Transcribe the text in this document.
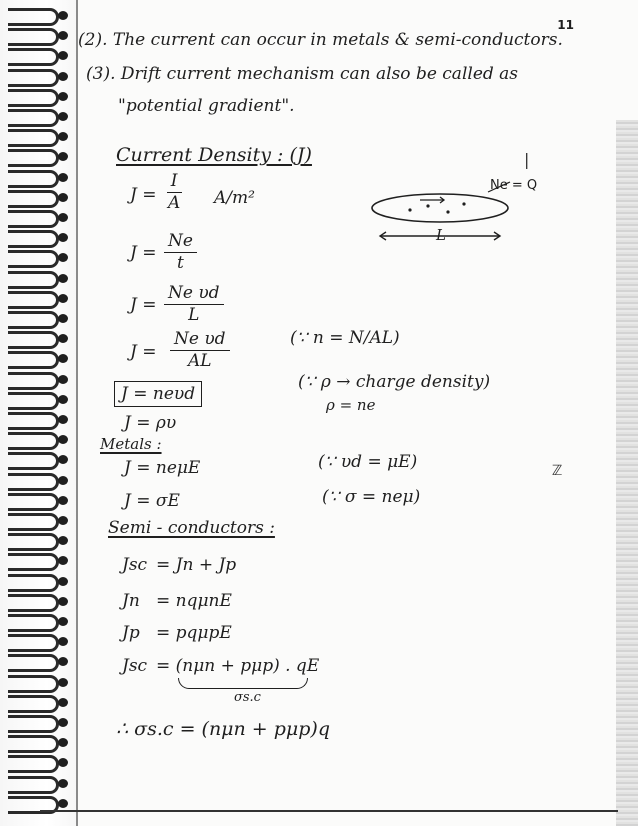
11
(2). The current can occur in metals & semi-conductors.
(3). Drift current mechanism can also be called as
"potential gradient".
Current Density : (J)
$J = \frac{I}{A} A/m^2$
Ne = Q
L
$J = \frac{Ne}{t}$
$J = \frac{\text{Ne υd}}{L}$
$J = \frac{\text{Ne υd}}{AL}$	(∵ n = N/AL)
J = neυd
(∵ ρ → charge density)
ρ = ne
J = ρυ
Metals :
J = neμE	(∵ υd = μE)
J = σE	(∵ σ = neμ)
Semi - conductors :
Jsc = Jn + Jp
Jn = nqμnE
Jp = pqμpE
Jsc = (nμn + pμp) . qE
σs.c
∴ σs.c = (nμn + pμp)q
|
ℤ
